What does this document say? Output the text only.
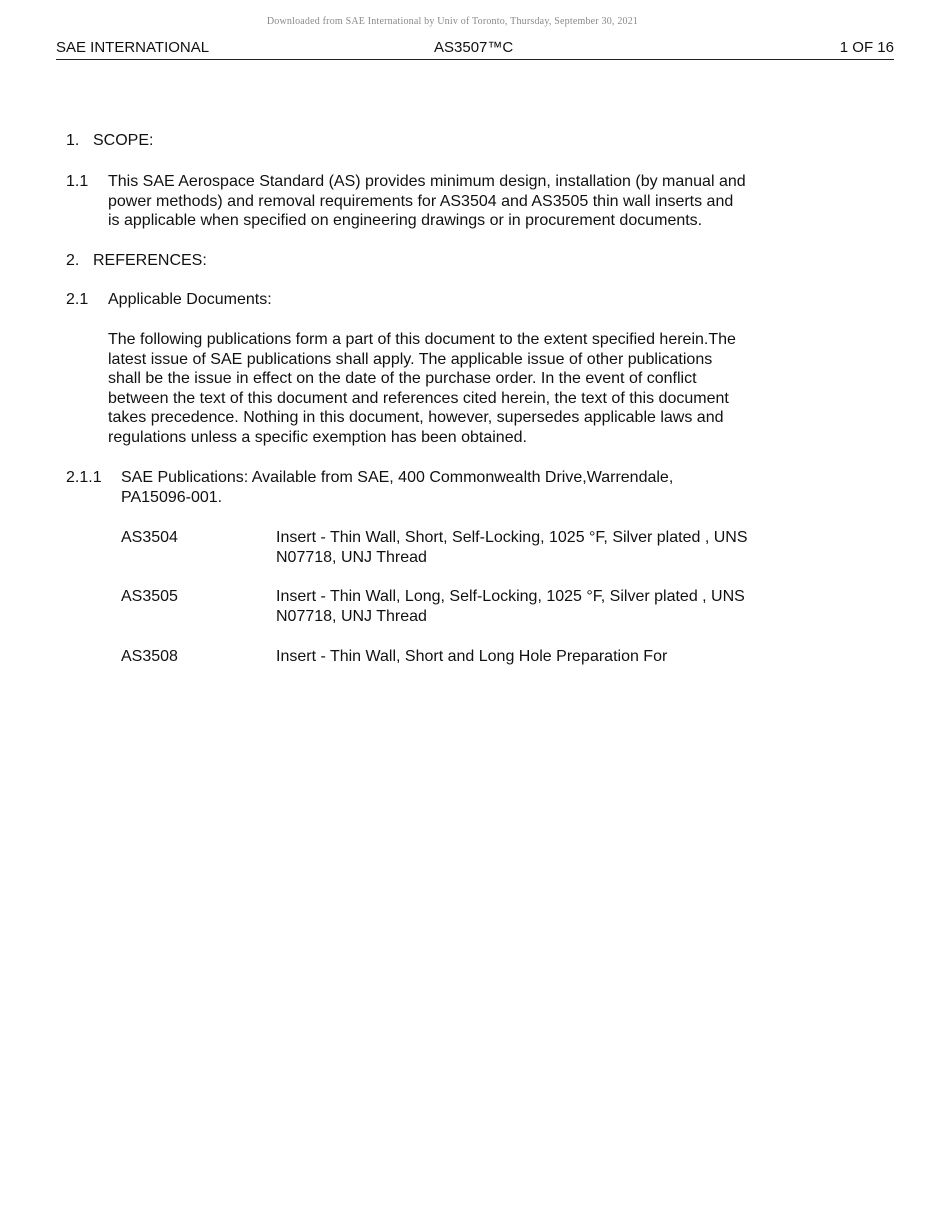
Downloaded from SAE International by Univ of Toronto, Thursday, September 30, 2021
SAE INTERNATIONAL	AS3507™C	1 OF 16
1. SCOPE:
1.1 This SAE Aerospace Standard (AS) provides minimum design, installation (by manual and
power methods) and removal requirements for AS3504 and AS3505 thin wall inserts and
is applicable when specified on engineering drawings or in procurement documents.
2. REFERENCES:
2.1 Applicable Documents:
The following publications form a part of this document to the extent specified herein.The
latest issue of SAE publications shall apply. The applicable issue of other publications
shall be the issue in effect on the date of the purchase order. In the event of conflict
between the text of this document and references cited herein, the text of this document
takes precedence. Nothing in this document, however, supersedes applicable laws and
regulations unless a specific exemption has been obtained.
2.1.1 SAE Publications: Available from SAE, 400 Commonwealth Drive,Warrendale,
PA15096-001.
AS3504	Insert - Thin Wall, Short, Self-Locking, 1025 °F, Silver plated , UNS
N07718, UNJ Thread
AS3505	Insert - Thin Wall, Long, Self-Locking, 1025 °F, Silver plated , UNS
N07718, UNJ Thread
AS3508	Insert - Thin Wall, Short and Long Hole Preparation For
